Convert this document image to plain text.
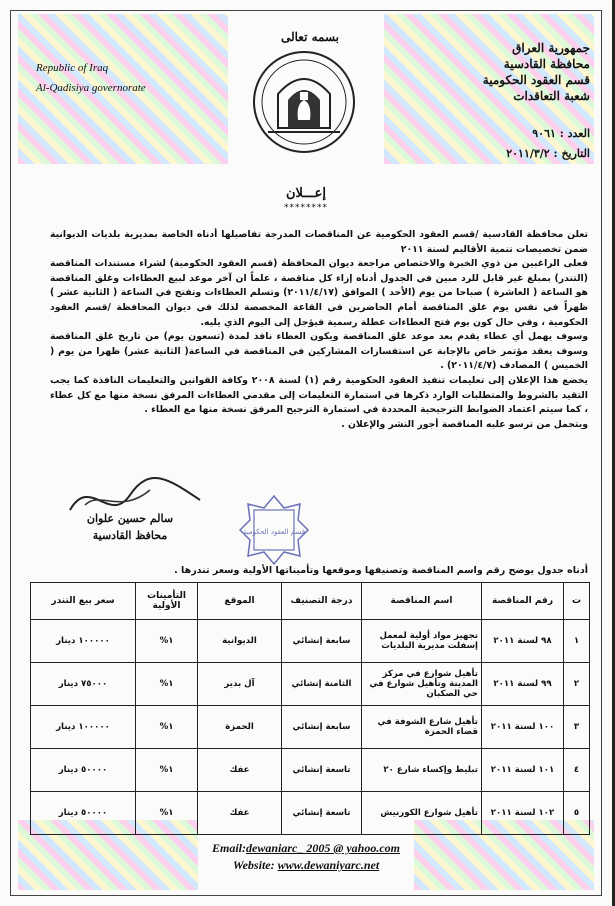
Republic of Iraq
Al-Qadisiya governorate
بسمه تعالى
جمهورية العراق
محافظة القادسية
قسم العقود الحكومية
شعبة التعاقدات
العدد : ٩٠٦١
التاريخ : ٢٠١١/٣/٢
إعـــلان
********

تعلن محافظة القادسية /قسم العقود الحكومية عن المناقصات المدرجة تفاصيلها أدناه الخاصة بمديرية بلديات الديوانية ضمن تخصيصات تنمية الأقاليم لسنة ٢٠١١

فعلى الراغبين من ذوي الخبرة والاختصاص مراجعة ديوان المحافظة (قسم العقود الحكومية) لشراء مستندات المناقصة (التندر) بمبلغ غير قابل للرد مبين في الجدول أدناه إزاء كل مناقصة ، علماً ان آخر موعد لبيع العطاءات وغلق المناقصة هو الساعة ( العاشرة ) صباحا من يوم (الأحد ) الموافق (٢٠١١/٤/١٧) وتسلم العطاءات وتفتح في الساعة ( الثانية عشر ) ظهراً في نفس يوم غلق المناقصة أمام الحاضرين في القاعة المخصصة لذلك في ديوان المحافظة /قسم العقود الحكومية ، وفي حال كون يوم فتح العطاءات عطلة رسمية فيؤجل إلى اليوم الذي يليه.

وسوف يهمل أي عطاء يقدم بعد موعد غلق المناقصة ويكون العطاء نافذ لمدة (تسعون يوم) من تاريخ غلق المناقصة وسوف يعقد مؤتمر خاص بالإجابة عن استفسارات المشاركين في المناقصة في الساعة( الثانية عشر) ظهرا من يوم ( الخميس ) المصادف (٢٠١١/٤/٧) .

يخضع هذا الإعلان إلى تعليمات تنفيذ العقود الحكومية رقم (١) لسنة ٢٠٠٨ وكافة القوانين والتعليمات النافذة كما يجب التقيد بالشروط والمتطلبات الوارد ذكرها في استمارة التعليمات إلى مقدمي العطاءات المرفق نسخة منها مع كل عطاء ، كما سيتم اعتماد الضوابط الترجيحية المحددة في استمارة الترجيح المرفق نسخة منها مع العطاء .

ويتحمل من ترسو عليه المناقصة أجور النشر والإعلان .

سالم حسين علوان
محافظ القادسية	قسم العقود الحكومية
أدناه جدول يوضح رقم واسم المناقصة وتصنيفها وموقعها وتأميناتها الأولية وسعر تندرها .
ت	رقم المناقصة	اسم المناقصة	درجة التصنيف	الموقع	التأمينات الأولية	سعر بيع التندر
١	٩٨ لسنة ٢٠١١	تجهيز مواد أولية لمعمل إسفلت مديرية البلديات	سابعة إنشائي	الديوانية	١%	١٠٠٠٠٠ دينار
٢	٩٩ لسنة ٢٠١١	تأهيل شوارع في مركز المدينة وتأهيل شوارع في حي الصكبان	الثامنة إنشائي	آل بدير	١%	٧٥٠٠٠ دينار
٣	١٠٠ لسنة ٢٠١١	تأهيل شارع الشوفة في قضاء الحمزة	سابعة إنشائي	الحمزة	١%	١٠٠٠٠٠ دينار
٤	١٠١ لسنة ٢٠١١	تبليط وإكساء شارع ٢٠	تاسعة إنشائي	عفك	١%	٥٠٠٠٠ دينار
٥	١٠٢ لسنة ٢٠١١	تأهيل شوارع الكورنيش	تاسعة إنشائي	عفك	١%	٥٠٠٠٠ دينار
Email:dewaniarc_ 2005 @ yahoo.com
Website: www.dewaniyarc.net
